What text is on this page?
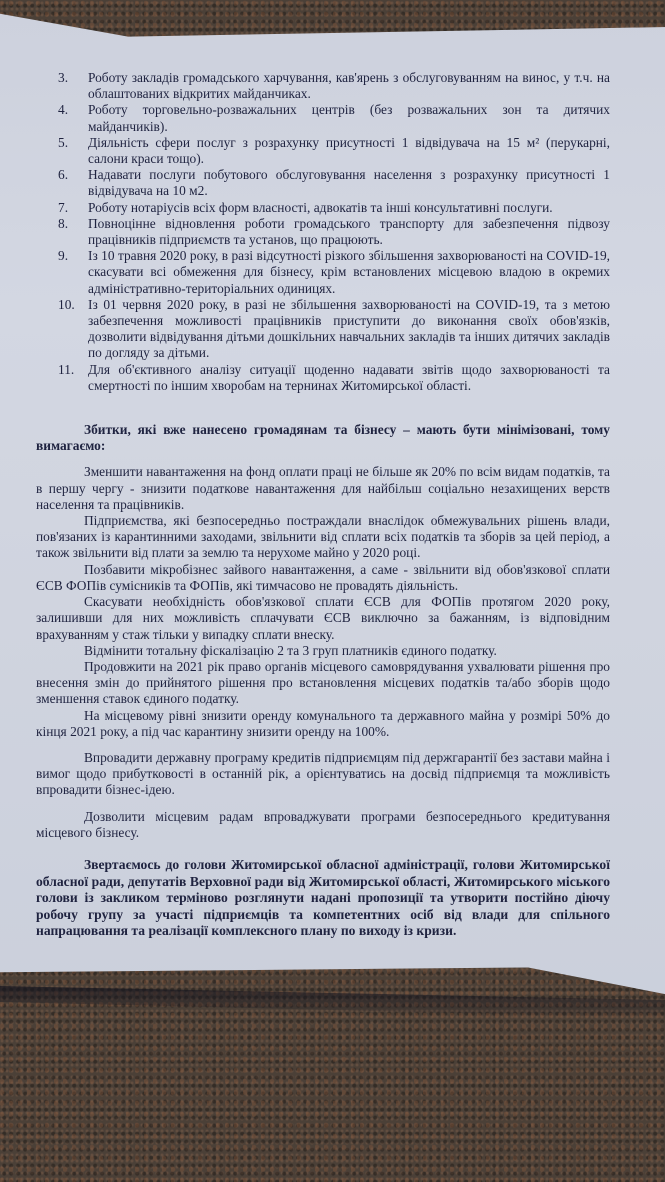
3. Роботу закладів громадського харчування, кав'ярень з обслуговуванням на винос, у т.ч. на облаштованих відкритих майданчиках.
4. Роботу торговельно-розважальних центрів (без розважальних зон та дитячих майданчиків).
5. Діяльність сфери послуг з розрахунку присутності 1 відвідувача на 15 м² (перукарні, салони краси тощо).
6. Надавати послуги побутового обслуговування населення з розрахунку присутності 1 відвідувача на 10 м2.
7. Роботу нотаріусів всіх форм власності, адвокатів та інші консультативні послуги.
8. Повноцінне відновлення роботи громадського транспорту для забезпечення підвозу працівників підприємств та установ, що працюють.
9. Із 10 травня 2020 року, в разі відсутності різкого збільшення захворюваності на COVID-19, скасувати всі обмеження для бізнесу, крім встановлених місцевою владою в окремих адміністративно-територіальних одиницях.
10. Із 01 червня 2020 року, в разі не збільшення захворюваності на COVID-19, та з метою забезпечення можливості працівників приступити до виконання своїх обов'язків, дозволити відвідування дітьми дошкільних навчальних закладів та інших дитячих закладів по догляду за дітьми.
11. Для об'єктивного аналізу ситуації щоденно надавати звітів щодо захворюваності та смертності по іншим хворобам на тернинах Житомирської області.

Збитки, які вже нанесено громадянам та бізнесу – мають бути мінімізовані, тому вимагаємо:

Зменшити навантаження на фонд оплати праці не більше як 20% по всім видам податків, та в першу чергу - знизити податкове навантаження для найбільш соціально незахищених верств населення та працівників.

Підприємства, які безпосередньо постраждали внаслідок обмежувальних рішень влади, пов'язаних із карантинними заходами, звільнити від сплати всіх податків та зборів за цей період, а також звільнити від плати за землю та нерухоме майно у 2020 році.

Позбавити мікробізнес зайвого навантаження, а саме - звільнити від обов'язкової сплати ЄСВ ФОПів сумісників та ФОПів, які тимчасово не провадять діяльність.

Скасувати необхідність обов'язкової сплати ЄСВ для ФОПів протягом 2020 року, залишивши для них можливість сплачувати ЄСВ виключно за бажанням, із відповідним врахуванням у стаж тільки у випадку сплати внеску.

Відмінити тотальну фіскалізацію 2 та 3 груп платників єдиного податку.

Продовжити на 2021 рік право органів місцевого самоврядування ухвалювати рішення про внесення змін до прийнятого рішення про встановлення місцевих податків та/або зборів щодо зменшення ставок єдиного податку.

На місцевому рівні знизити оренду комунального та державного майна у розмірі 50% до кінця 2021 року, а під час карантину знизити оренду на 100%.

Впровадити державну програму кредитів підприємцям під держгарантії без застави майна і вимог щодо прибутковості в останній рік, а орієнтуватись на досвід підприємця та можливість впровадити бізнес-ідею.

Дозволити місцевим радам впроваджувати програми безпосереднього кредитування місцевого бізнесу.

Звертаємось до голови Житомирської обласної адміністрації, голови Житомирської обласної ради, депутатів Верховної ради від Житомирської області, Житомирського міського голови із закликом терміново розглянути надані пропозиції та утворити постійно діючу робочу групу за участі підприємців та компетентних осіб від влади для спільного напрацювання та реалізації комплексного плану по виходу із кризи.
